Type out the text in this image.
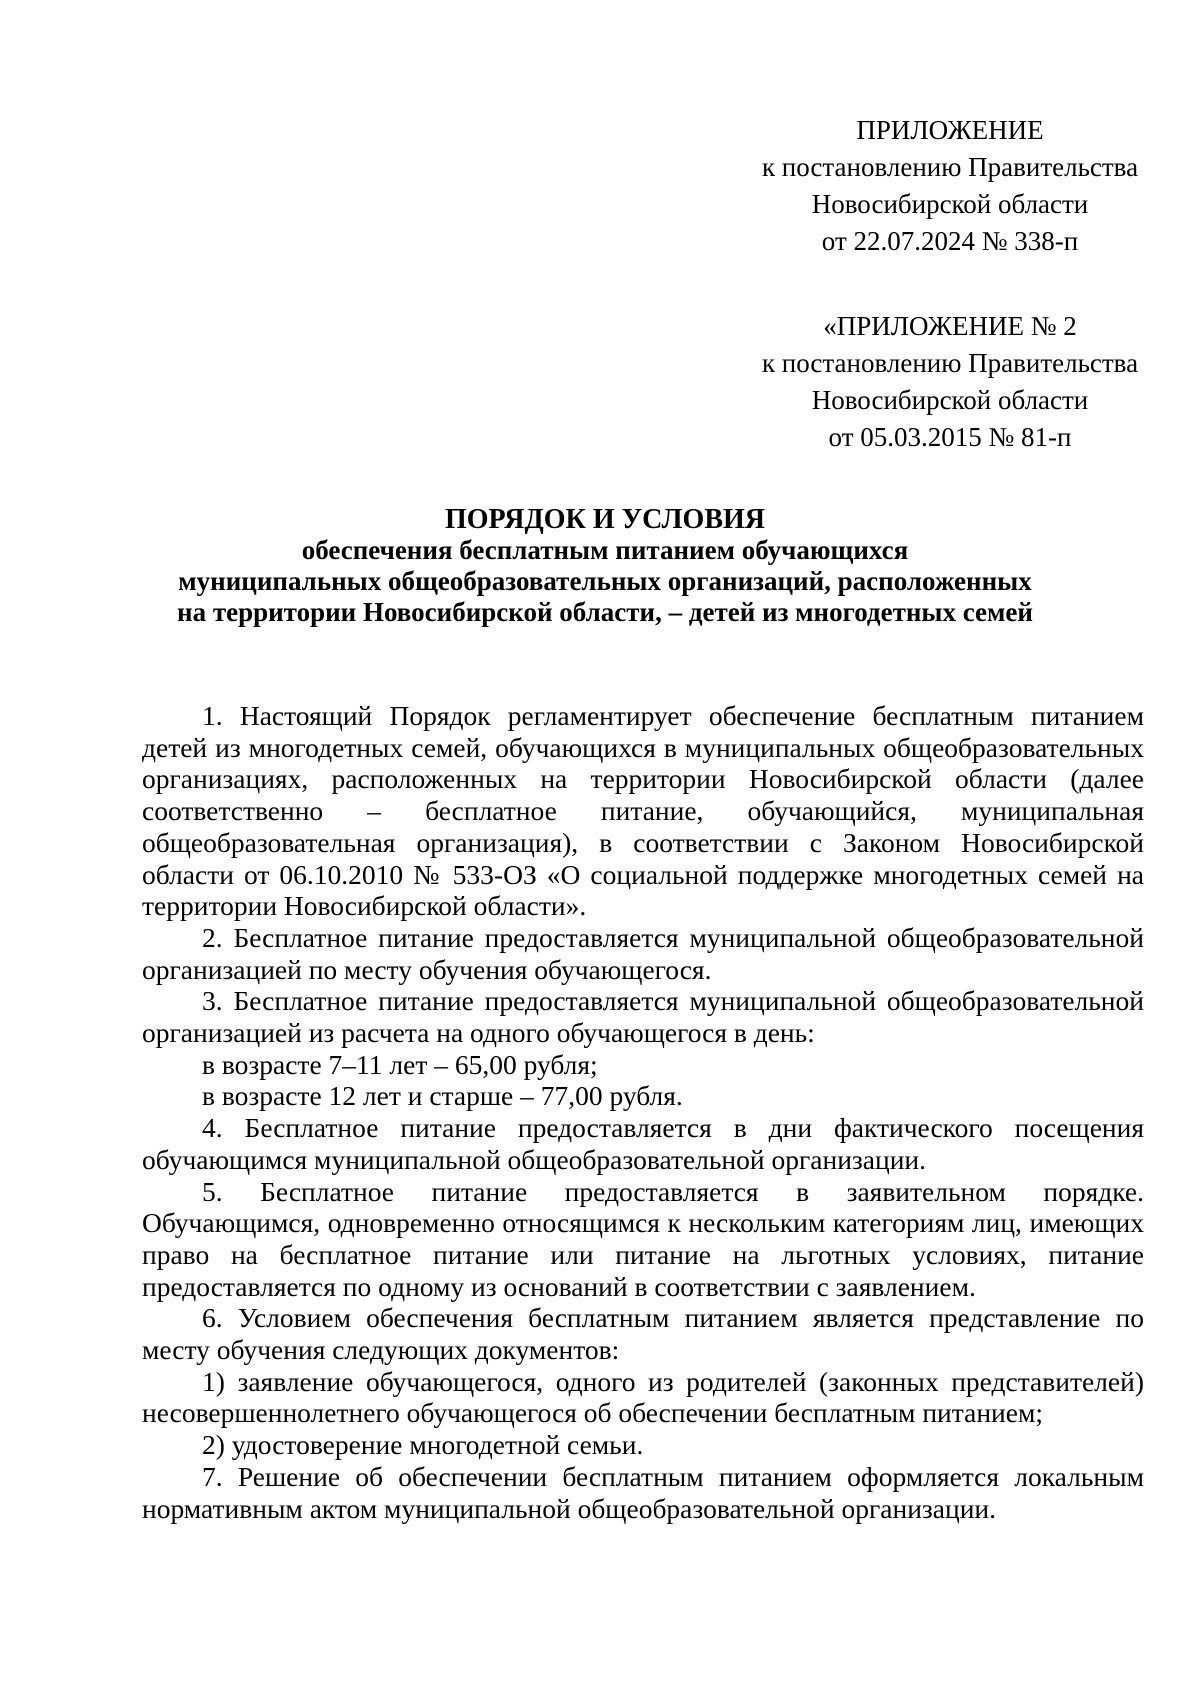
ПРИЛОЖЕНИЕ
к постановлению Правительства
Новосибирской области
от 22.07.2024 № 338-п
«ПРИЛОЖЕНИЕ № 2
к постановлению Правительства
Новосибирской области
от 05.03.2015 № 81-п
ПОРЯДОК И УСЛОВИЯ
обеспечения бесплатным питанием обучающихся
муниципальных общеобразовательных организаций, расположенных
на территории Новосибирской области, – детей из многодетных семей

1. Настоящий Порядок регламентирует обеспечение бесплатным питанием детей из многодетных семей, обучающихся в муниципальных общеобразовательных организациях, расположенных на территории Новосибирской области (далее соответственно – бесплатное питание, обучающийся, муниципальная общеобразовательная организация), в соответствии с Законом Новосибирской области от 06.10.2010 № 533-ОЗ «О социальной поддержке многодетных семей на территории Новосибирской области».

2. Бесплатное питание предоставляется муниципальной общеобразовательной организацией по месту обучения обучающегося.

3. Бесплатное питание предоставляется муниципальной общеобразовательной организацией из расчета на одного обучающегося в день:

в возрасте 7–11 лет – 65,00 рубля;

в возрасте 12 лет и старше – 77,00 рубля.

4. Бесплатное питание предоставляется в дни фактического посещения обучающимся муниципальной общеобразовательной организации.

5. Бесплатное питание предоставляется в заявительном порядке. Обучающимся, одновременно относящимся к нескольким категориям лиц, имеющих право на бесплатное питание или питание на льготных условиях, питание предоставляется по одному из оснований в соответствии с заявлением.

6. Условием обеспечения бесплатным питанием является представление по месту обучения следующих документов:

1) заявление обучающегося, одного из родителей (законных представителей) несовершеннолетнего обучающегося об обеспечении бесплатным питанием;

2) удостоверение многодетной семьи.

7. Решение об обеспечении бесплатным питанием оформляется локальным нормативным актом муниципальной общеобразовательной организации.
